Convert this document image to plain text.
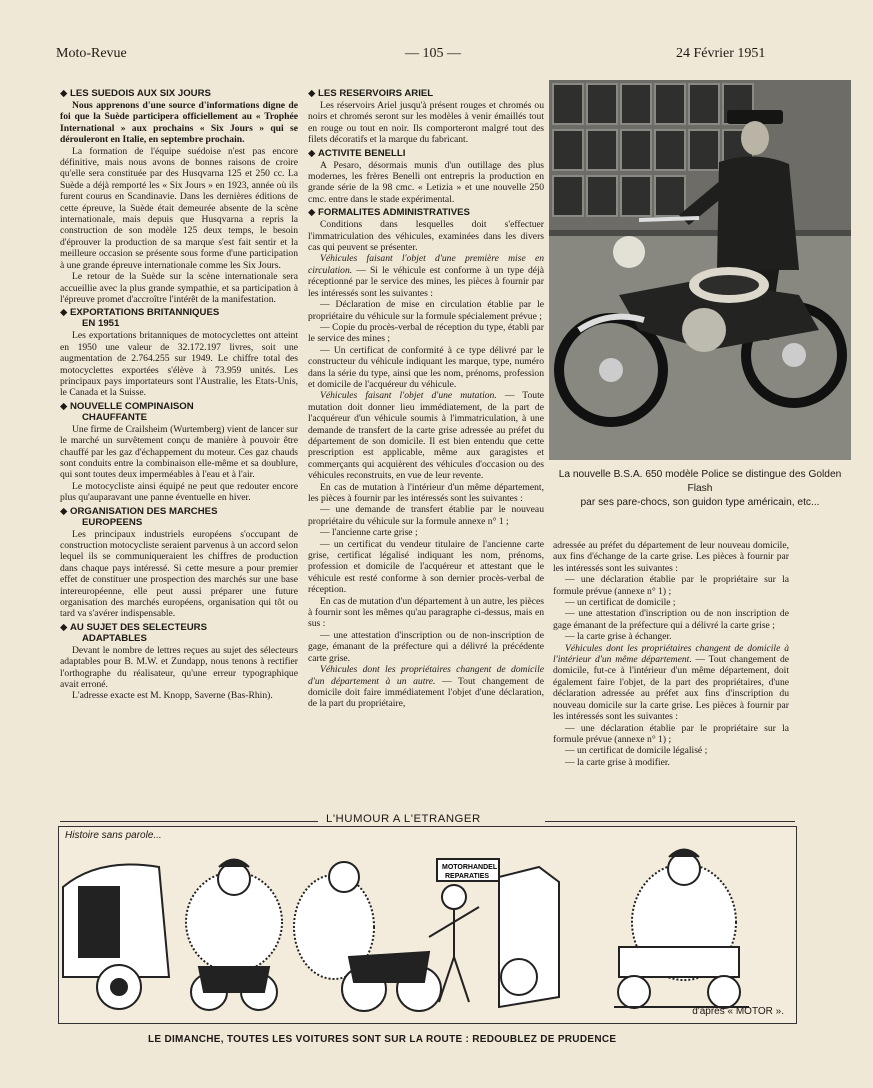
Moto-Revue	— 105 —	24 Février 1951
◆ LES SUEDOIS AUX SIX JOURS

Nous apprenons d'une source d'informations digne de foi que la Suède participera officiellement au « Trophée International » aux prochains « Six Jours » qui se dérouleront en Italie, en septembre prochain.

La formation de l'équipe suédoise n'est pas encore définitive, mais nous avons de bonnes raisons de croire qu'elle sera constituée par des Husqvarna 125 et 250 cc. La Suède a déjà remporté les « Six Jours » en 1923, année où ils furent courus en Scandinavie. Dans les dernières éditions de cette épreuve, la Suède était demeurée absente de la scène internationale, mais depuis que Husqvarna a repris la construction de son modèle 125 deux temps, le besoin d'éprouver la production de sa marque s'est fait sentir et la meilleure occasion se présente sous forme d'une participation à une grande épreuve internationale comme les Six Jours.

Le retour de la Suède sur la scène internationale sera accueillie avec la plus grande sympathie, et sa participation à l'épreuve promet d'accroître l'intérêt de la manifestation.

◆ EXPORTATIONS BRITANNIQUES
EN 1951

Les exportations britanniques de motocyclettes ont atteint en 1950 une valeur de 32.172.197 livres, soit une augmentation de 2.764.255 sur 1949. Le chiffre total des motocyclettes exportées s'élève à 73.959 unités. Les principaux pays importateurs sont l'Australie, les Etats-Unis, le Canada et la Suisse.

◆ NOUVELLE COMPINAISON
CHAUFFANTE

Une firme de Crailsheim (Wurtemberg) vient de lancer sur le marché un survêtement conçu de manière à pouvoir être chauffé par les gaz d'échappement du moteur. Ces gaz chauds sont conduits entre la combinaison elle-même et sa doublure, qui sont toutes deux imperméables à l'eau et à l'air.

Le motocycliste ainsi équipé ne peut que redouter encore plus qu'auparavant une panne éventuelle en hiver.

◆ ORGANISATION DES MARCHES
EUROPEENS

Les principaux industriels européens s'occupant de construction motocycliste seraient parvenus à un accord selon lequel ils se communiqueraient les chiffres de production dans chaque pays intéressé. Si cette mesure a pour premier effet de constituer une prospection des marchés sur une base intereuropéenne, elle peut aussi préparer une future organisation des marchés européens, organisation qui tôt ou tard va s'avérer indispensable.

◆ AU SUJET DES SELECTEURS
ADAPTABLES

Devant le nombre de lettres reçues au sujet des sélecteurs adaptables pour B. M.W. et Zundapp, nous tenons à rectifier l'orthographe du réalisateur, qu'une erreur typographique avait erroné.

L'adresse exacte est M. Knopp, Saverne (Bas-Rhin).

◆ LES RESERVOIRS ARIEL

Les réservoirs Ariel jusqu'à présent rouges et chromés ou noirs et chromés seront sur les modèles à venir émaillés tout en rouge ou tout en noir. Ils comporteront malgré tout des filets décoratifs et la marque du fabricant.

◆ ACTIVITE BENELLI

A Pesaro, désormais munis d'un outillage des plus modernes, les frères Benelli ont entrepris la production en grande série de la 98 cmc. « Letizia » et une nouvelle 250 cmc. entre dans le stade expérimental.

◆ FORMALITES ADMINISTRATIVES

Conditions dans lesquelles doit s'effectuer l'immatriculation des véhicules, examinées dans les divers cas qui peuvent se présenter.

Véhicules faisant l'objet d'une première mise en circulation. — Si le véhicule est conforme à un type déjà réceptionné par le service des mines, les pièces à fournir par les intéressés sont les suivantes :

— Déclaration de mise en circulation établie par le propriétaire du véhicule sur la formule spécialement prévue ;

— Copie du procès-verbal de réception du type, établi par le service des mines ;

— Un certificat de conformité à ce type délivré par le constructeur du véhicule indiquant les marque, type, numéro dans la série du type, ainsi que les nom, prénoms, profession et domicile de l'acquéreur du véhicule.

Véhicules faisant l'objet d'une mutation. — Toute mutation doit donner lieu immédiatement, de la part de l'acquéreur d'un véhicule soumis à l'immatriculation, à une demande de transfert de la carte grise adressée au préfet du département de son domicile. Il est bien entendu que cette prescription est applicable, même aux garagistes et commerçants qui acquièrent des véhicules d'occasion ou des véhicules reconstruits, en vue de leur revente.

En cas de mutation à l'intérieur d'un même département, les pièces à fournir par les intéressés sont les suivantes :

— une demande de transfert établie par le nouveau propriétaire du véhicule sur la formule annexe n° 1 ;

— l'ancienne carte grise ;

— un certificat du vendeur titulaire de l'ancienne carte grise, certificat légalisé indiquant les nom, prénoms, profession et domicile de l'acquéreur et attestant que le véhicule est resté conforme à son dernier procès-verbal de réception.

En cas de mutation d'un département à un autre, les pièces à fournir sont les mêmes qu'au paragraphe ci-dessus, mais en sus :

— une attestation d'inscription ou de non-inscription de gage, émanant de la préfecture qui a délivré la précédente carte grise.

Véhicules dont les propriétaires changent de domicile d'un département à un autre. — Tout changement de domicile doit faire immédiatement l'objet d'une déclaration, de la part du propriétaire,

La nouvelle B.S.A. 650 modèle Police se distingue des Golden Flash
par ses pare-chocs, son guidon type américain, etc...

adressée au préfet du département de leur nouveau domicile, aux fins d'échange de la carte grise. Les pièces à fournir par les intéressés sont les suivantes :

— une déclaration établie par le propriétaire sur la formule prévue (annexe n° 1) ;

— un certificat de domicile ;

— une attestation d'inscription ou de non inscription de gage émanant de la préfecture qui a délivré la carte grise ;

— la carte grise à échanger.

Véhicules dont les propriétaires changent de domicile à l'intérieur d'un même département. — Tout changement de domicile, fut-ce à l'intérieur d'un même département, doit également faire l'objet, de la part des propriétaires, d'une déclaration adressée au préfet aux fins d'inscription du nouveau domicile sur la carte grise. Les pièces à fournir par les intéressés sont les suivantes :

— une déclaration établie par le propriétaire sur la formule prévue (annexe n° 1) ;

— un certificat de domicile légalisé ;

— la carte grise à modifier.

L'HUMOUR A L'ETRANGER
Histoire sans parole...
MOTORHANDEL
REPARATIES
d'après « MOTOR ».
LE DIMANCHE, TOUTES LES VOITURES SONT SUR LA ROUTE : REDOUBLEZ DE PRUDENCE
